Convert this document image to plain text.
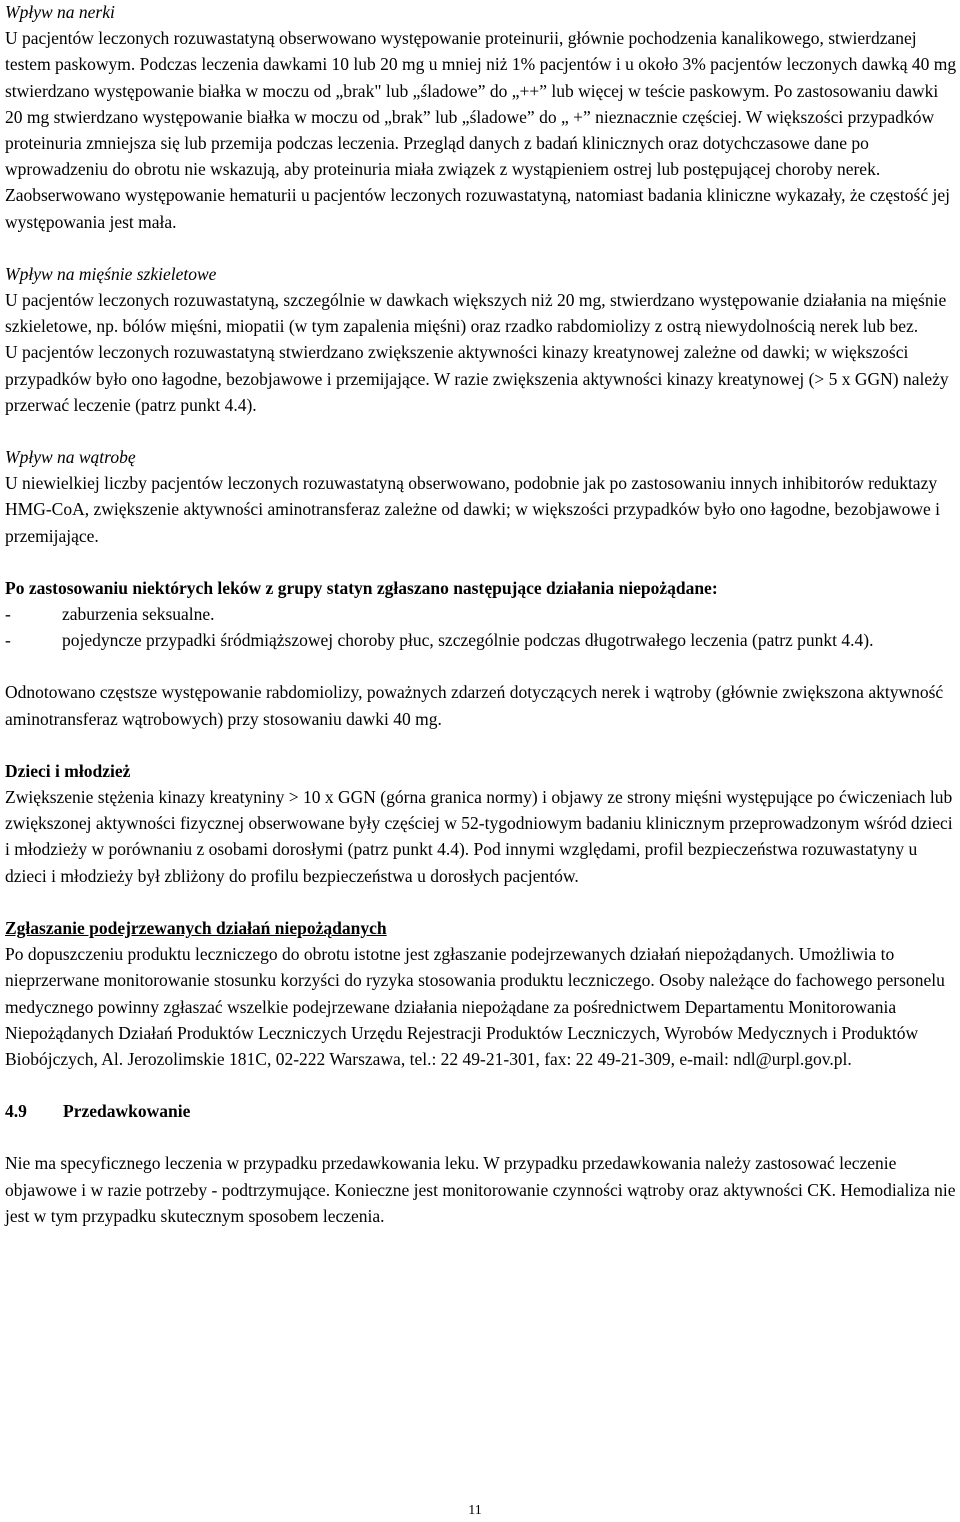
Wpływ na nerki

U pacjentów leczonych rozuwastatyną obserwowano występowanie proteinurii, głównie pochodzenia kanalikowego, stwierdzanej testem paskowym. Podczas leczenia dawkami 10 lub 20 mg u mniej niż 1% pacjentów i u około 3% pacjentów leczonych dawką 40 mg stwierdzano występowanie białka w moczu od „brak" lub „śladowe” do „++” lub więcej w teście paskowym. Po zastosowaniu dawki 20 mg stwierdzano występowanie białka w moczu od „brak” lub „śladowe” do „ +” nieznacznie częściej. W większości przypadków proteinuria zmniejsza się lub przemija podczas leczenia. Przegląd danych z badań klinicznych oraz dotychczasowe dane po wprowadzeniu do obrotu nie wskazują, aby proteinuria miała związek z wystąpieniem ostrej lub postępującej choroby nerek.

Zaobserwowano występowanie hematurii u pacjentów leczonych rozuwastatyną, natomiast badania kliniczne wykazały, że częstość jej występowania jest mała.

Wpływ na mięśnie szkieletowe

U pacjentów leczonych rozuwastatyną, szczególnie w dawkach większych niż 20 mg, stwierdzano występowanie działania na mięśnie szkieletowe, np. bólów mięśni, miopatii (w tym zapalenia mięśni) oraz rzadko rabdomiolizy z ostrą niewydolnością nerek lub bez.

U pacjentów leczonych rozuwastatyną stwierdzano zwiększenie aktywności kinazy kreatynowej zależne od dawki; w większości przypadków było ono łagodne, bezobjawowe i przemijające. W razie zwiększenia aktywności kinazy kreatynowej (> 5 x GGN) należy przerwać leczenie (patrz punkt 4.4).

Wpływ na wątrobę

U niewielkiej liczby pacjentów leczonych rozuwastatyną obserwowano, podobnie jak po zastosowaniu innych inhibitorów reduktazy HMG-CoA, zwiększenie aktywności aminotransferaz zależne od dawki; w większości przypadków było ono łagodne, bezobjawowe i przemijające.

Po zastosowaniu niektórych leków z grupy statyn zgłaszano następujące działania niepożądane:

-	zaburzenia seksualne.
-	pojedyncze przypadki śródmiąższowej choroby płuc, szczególnie podczas długotrwałego leczenia (patrz punkt 4.4).

Odnotowano częstsze występowanie rabdomiolizy, poważnych zdarzeń dotyczących nerek i wątroby (głównie zwiększona aktywność aminotransferaz wątrobowych) przy stosowaniu dawki 40 mg.

Dzieci i młodzież

Zwiększenie stężenia kinazy kreatyniny > 10 x GGN (górna granica normy) i objawy ze strony mięśni występujące po ćwiczeniach lub zwiększonej aktywności fizycznej obserwowane były częściej w 52-tygodniowym badaniu klinicznym przeprowadzonym wśród dzieci i młodzieży w porównaniu z osobami dorosłymi (patrz punkt 4.4). Pod innymi względami, profil bezpieczeństwa rozuwastatyny u dzieci i młodzieży był zbliżony do profilu bezpieczeństwa u dorosłych pacjentów.

Zgłaszanie podejrzewanych działań niepożądanych

Po dopuszczeniu produktu leczniczego do obrotu istotne jest zgłaszanie podejrzewanych działań niepożądanych. Umożliwia to nieprzerwane monitorowanie stosunku korzyści do ryzyka stosowania produktu leczniczego. Osoby należące do fachowego personelu medycznego powinny zgłaszać wszelkie podejrzewane działania niepożądane za pośrednictwem Departamentu Monitorowania Niepożądanych Działań Produktów Leczniczych Urzędu Rejestracji Produktów Leczniczych, Wyrobów Medycznych i Produktów Biobójczych, Al. Jerozolimskie 181C, 02-222 Warszawa, tel.: 22 49-21-301, fax: 22 49-21-309, e-mail: ndl@urpl.gov.pl.

4.9 Przedawkowanie

Nie ma specyficznego leczenia w przypadku przedawkowania leku. W przypadku przedawkowania należy zastosować leczenie objawowe i w razie potrzeby - podtrzymujące. Konieczne jest monitorowanie czynności wątroby oraz aktywności CK. Hemodializa nie jest w tym przypadku skutecznym sposobem leczenia.

11
